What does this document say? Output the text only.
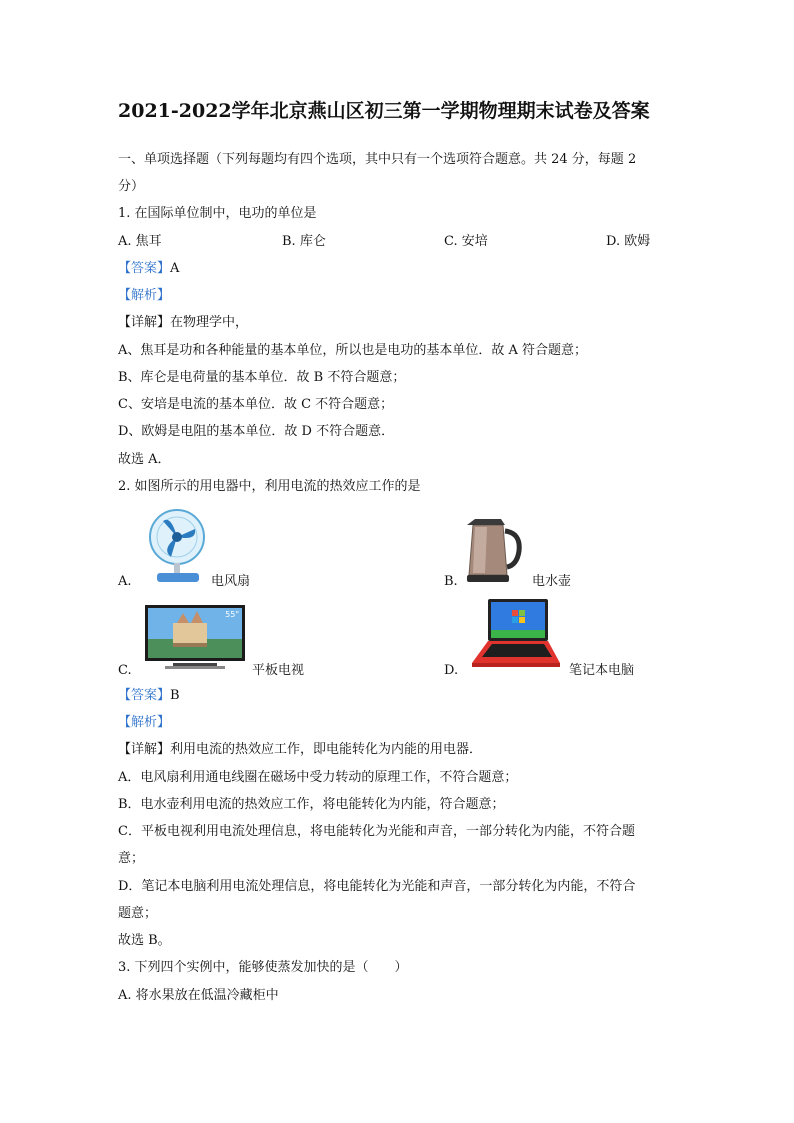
2021-2022学年北京燕山区初三第一学期物理期末试卷及答案
一、单项选择题（下列每题均有四个选项，其中只有一个选项符合题意。共 24 分，每题 2
分）
1. 在国际单位制中，电功的单位是
A. 焦耳	B. 库仑	C. 安培	D. 欧姆
【答案】A
【解析】
【详解】在物理学中，
A、焦耳是功和各种能量的基本单位，所以也是电功的基本单位．故 A 符合题意；
B、库仑是电荷量的基本单位．故 B 不符合题意；
C、安培是电流的基本单位．故 C 不符合题意；
D、欧姆是电阻的基本单位．故 D 不符合题意．
故选 A．
2. 如图所示的用电器中，利用电流的热效应工作的是
A.	电风扇	B.	电水壶
55"
C.	平板电视	D.	笔记本电脑
【答案】B
【解析】
【详解】利用电流的热效应工作，即电能转化为内能的用电器．
A．电风扇利用通电线圈在磁场中受力转动的原理工作，不符合题意；
B．电水壶利用电流的热效应工作，将电能转化为内能，符合题意；
C．平板电视利用电流处理信息，将电能转化为光能和声音，一部分转化为内能，不符合题
意；
D．笔记本电脑利用电流处理信息，将电能转化为光能和声音，一部分转化为内能，不符合
题意；
故选 B。
3. 下列四个实例中，能够使蒸发加快的是（　　）
A. 将水果放在低温冷藏柜中
